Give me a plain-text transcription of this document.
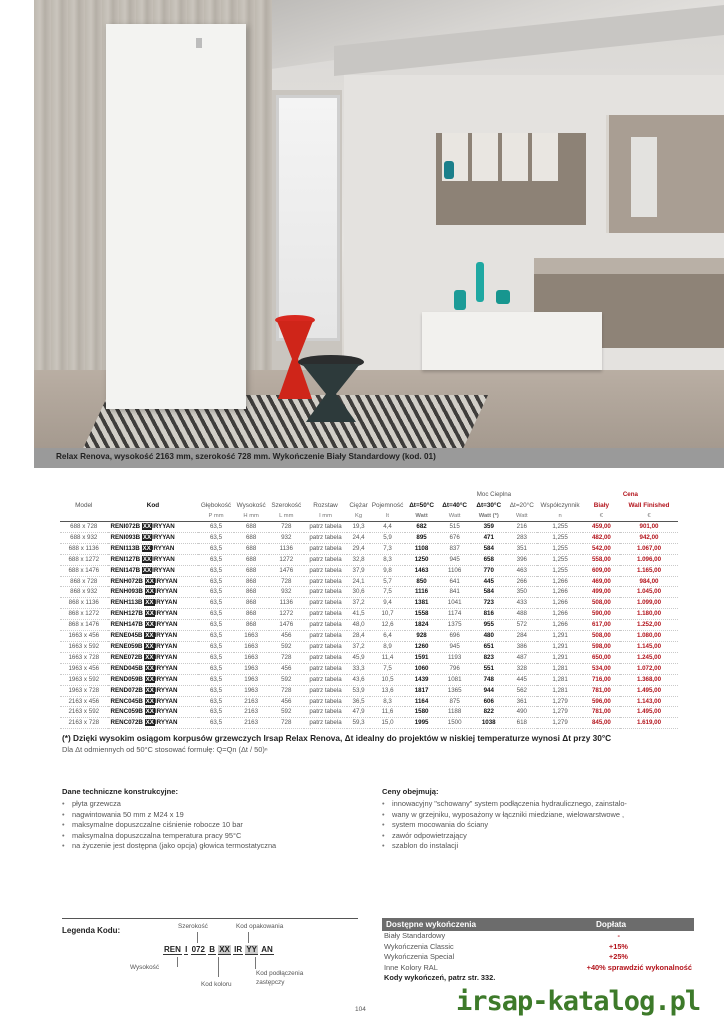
Relax Renova, wysokość 2163 mm, szerokość 728 mm. Wykończenie Biały Standardowy (kod. 01)
								Moc Cieplna					Cena	
Model	Kod	Głębokość	Wysokość	Szerokość	Rozstaw	Ciężar	Pojemność	Δt=50°C	Δt=40°C	Δt=30°C	Δt=20°C	Współczynnik	Biały	Wall Finished
		P mm	H mm	L mm	I mm	Kg	lt	Watt	Watt	Watt (*)	Watt	n	€	€
688 x 728	RENI072B XXIRYYAN	63,5	688	728	patrz tabela	19,3	4,4	682	515	359	216	1,255	459,00	901,00
688 x 932	RENI093B XXIRYYAN	63,5	688	932	patrz tabela	24,4	5,9	895	676	471	283	1,255	482,00	942,00
688 x 1136	RENI113B XXIRYYAN	63,5	688	1136	patrz tabela	29,4	7,3	1108	837	584	351	1,255	542,00	1.067,00
688 x 1272	RENI127B XXIRYYAN	63,5	688	1272	patrz tabela	32,8	8,3	1250	945	658	396	1,255	558,00	1.096,00
688 x 1476	RENI147B XXIRYYAN	63,5	688	1476	patrz tabela	37,9	9,8	1463	1106	770	463	1,255	609,00	1.165,00
868 x 728	RENH072B XXIRYYAN	63,5	868	728	patrz tabela	24,1	5,7	850	641	445	266	1,266	469,00	984,00
868 x 932	RENH093B XXIRYYAN	63,5	868	932	patrz tabela	30,6	7,5	1116	841	584	350	1,266	499,00	1.045,00
868 x 1136	RENH113B XXIRYYAN	63,5	868	1136	patrz tabela	37,2	9,4	1381	1041	723	433	1,266	508,00	1.099,00
868 x 1272	RENH127B XXIRYYAN	63,5	868	1272	patrz tabela	41,5	10,7	1558	1174	816	488	1,266	590,00	1.180,00
868 x 1476	RENH147B XXIRYYAN	63,5	868	1476	patrz tabela	48,0	12,6	1824	1375	955	572	1,266	617,00	1.252,00
1663 x 456	RENE045B XXIRYYAN	63,5	1663	456	patrz tabela	28,4	6,4	928	696	480	284	1,291	508,00	1.080,00
1663 x 592	RENE059B XXIRYYAN	63,5	1663	592	patrz tabela	37,2	8,9	1260	945	651	386	1,291	598,00	1.145,00
1663 x 728	RENE072B XXIRYYAN	63,5	1663	728	patrz tabela	45,9	11,4	1591	1193	823	487	1,291	650,00	1.245,00
1963 x 456	REND045B XXIRYYAN	63,5	1963	456	patrz tabela	33,3	7,5	1060	796	551	328	1,281	534,00	1.072,00
1963 x 592	REND059B XXIRYYAN	63,5	1963	592	patrz tabela	43,6	10,5	1439	1081	748	445	1,281	716,00	1.368,00
1963 x 728	REND072B XXIRYYAN	63,5	1963	728	patrz tabela	53,9	13,6	1817	1365	944	562	1,281	781,00	1.495,00
2163 x 456	RENC045B XXIRYYAN	63,5	2163	456	patrz tabela	36,5	8,3	1164	875	606	361	1,279	596,00	1.143,00
2163 x 592	RENC059B XXIRYYAN	63,5	2163	592	patrz tabela	47,9	11,6	1580	1188	822	490	1,279	781,00	1.495,00
2163 x 728	RENC072B XXIRYYAN	63,5	2163	728	patrz tabela	59,3	15,0	1995	1500	1038	618	1,279	845,00	1.619,00
(*) Dzięki wysokim osiągom korpusów grzewczych Irsap Relax Renova, Δt idealny do projektów w niskiej temperaturze wynosi Δt przy 30°C
Dla Δt odmiennych od 50°C stosować formułę: Q=Qn (Δt / 50)ⁿ
Dane techniczne konstrukcyjne:
• płyta grzewcza
• nagwintowania 50 mm z M24 x 19
• maksymalne dopuszczalne ciśnienie robocze 10 bar
• maksymalna dopuszczalna temperatura pracy 95°C
• na życzenie jest dostępna (jako opcja) głowica termostatyczna
Ceny obejmują:
• innowacyjny "schowany" system podłączenia hydraulicznego, zainstalo-
• wany w grzejniku, wyposażony w łączniki miedziane, wielowarstwowe ,
• system mocowania do ściany
• zawór odpowietrzający
• szablon do instalacji
Legenda Kodu:	Szerokość	Kod opakowania
REN I 072 B XX IR YY AN
Wysokość
Kod koloru
Kod podłączenia
zastępczy
Dostępne wykończenia	Dopłata
Biały Standardowy	-
Wykończenia Classic	+15%
Wykończenia Special	+25%
Inne Kolory RAL	+40% sprawdzić wykonalność
Kody wykończeń, patrz str. 332.
104	irsap-katalog.pl
